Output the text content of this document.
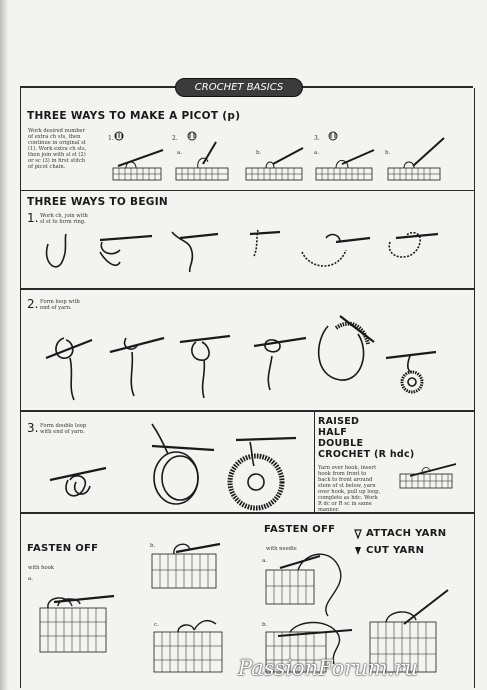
CROCHET BASICS
THREE WAYS TO MAKE A PICOT (p)
Work desired number
of extra ch sts, then
continue in original st
(1). Work extra ch sts,
then join with sl st (2)
or sc (3) in first stitch
of picot chain.
1.	2.	3.
a.	b.	a.	b.
THREE WAYS TO BEGIN
1. Work ch, join with
sl st to form ring.
2. Form loop with
end of yarn.
3. Form double loop
with end of yarn.
RAISED
HALF
DOUBLE
CROCHET (R hdc)
Yarn over hook, insert
hook from front to
back to front around
stem of st below, yarn
over hook, pull up loop,
complete as hdc. Work
R dc or R sc in same
manner.
FASTEN OFF
with hook
a.
b.
c.
FASTEN OFF
with needle
a.
b.
ATTACH YARN
CUT YARN
PassionForum.ru
